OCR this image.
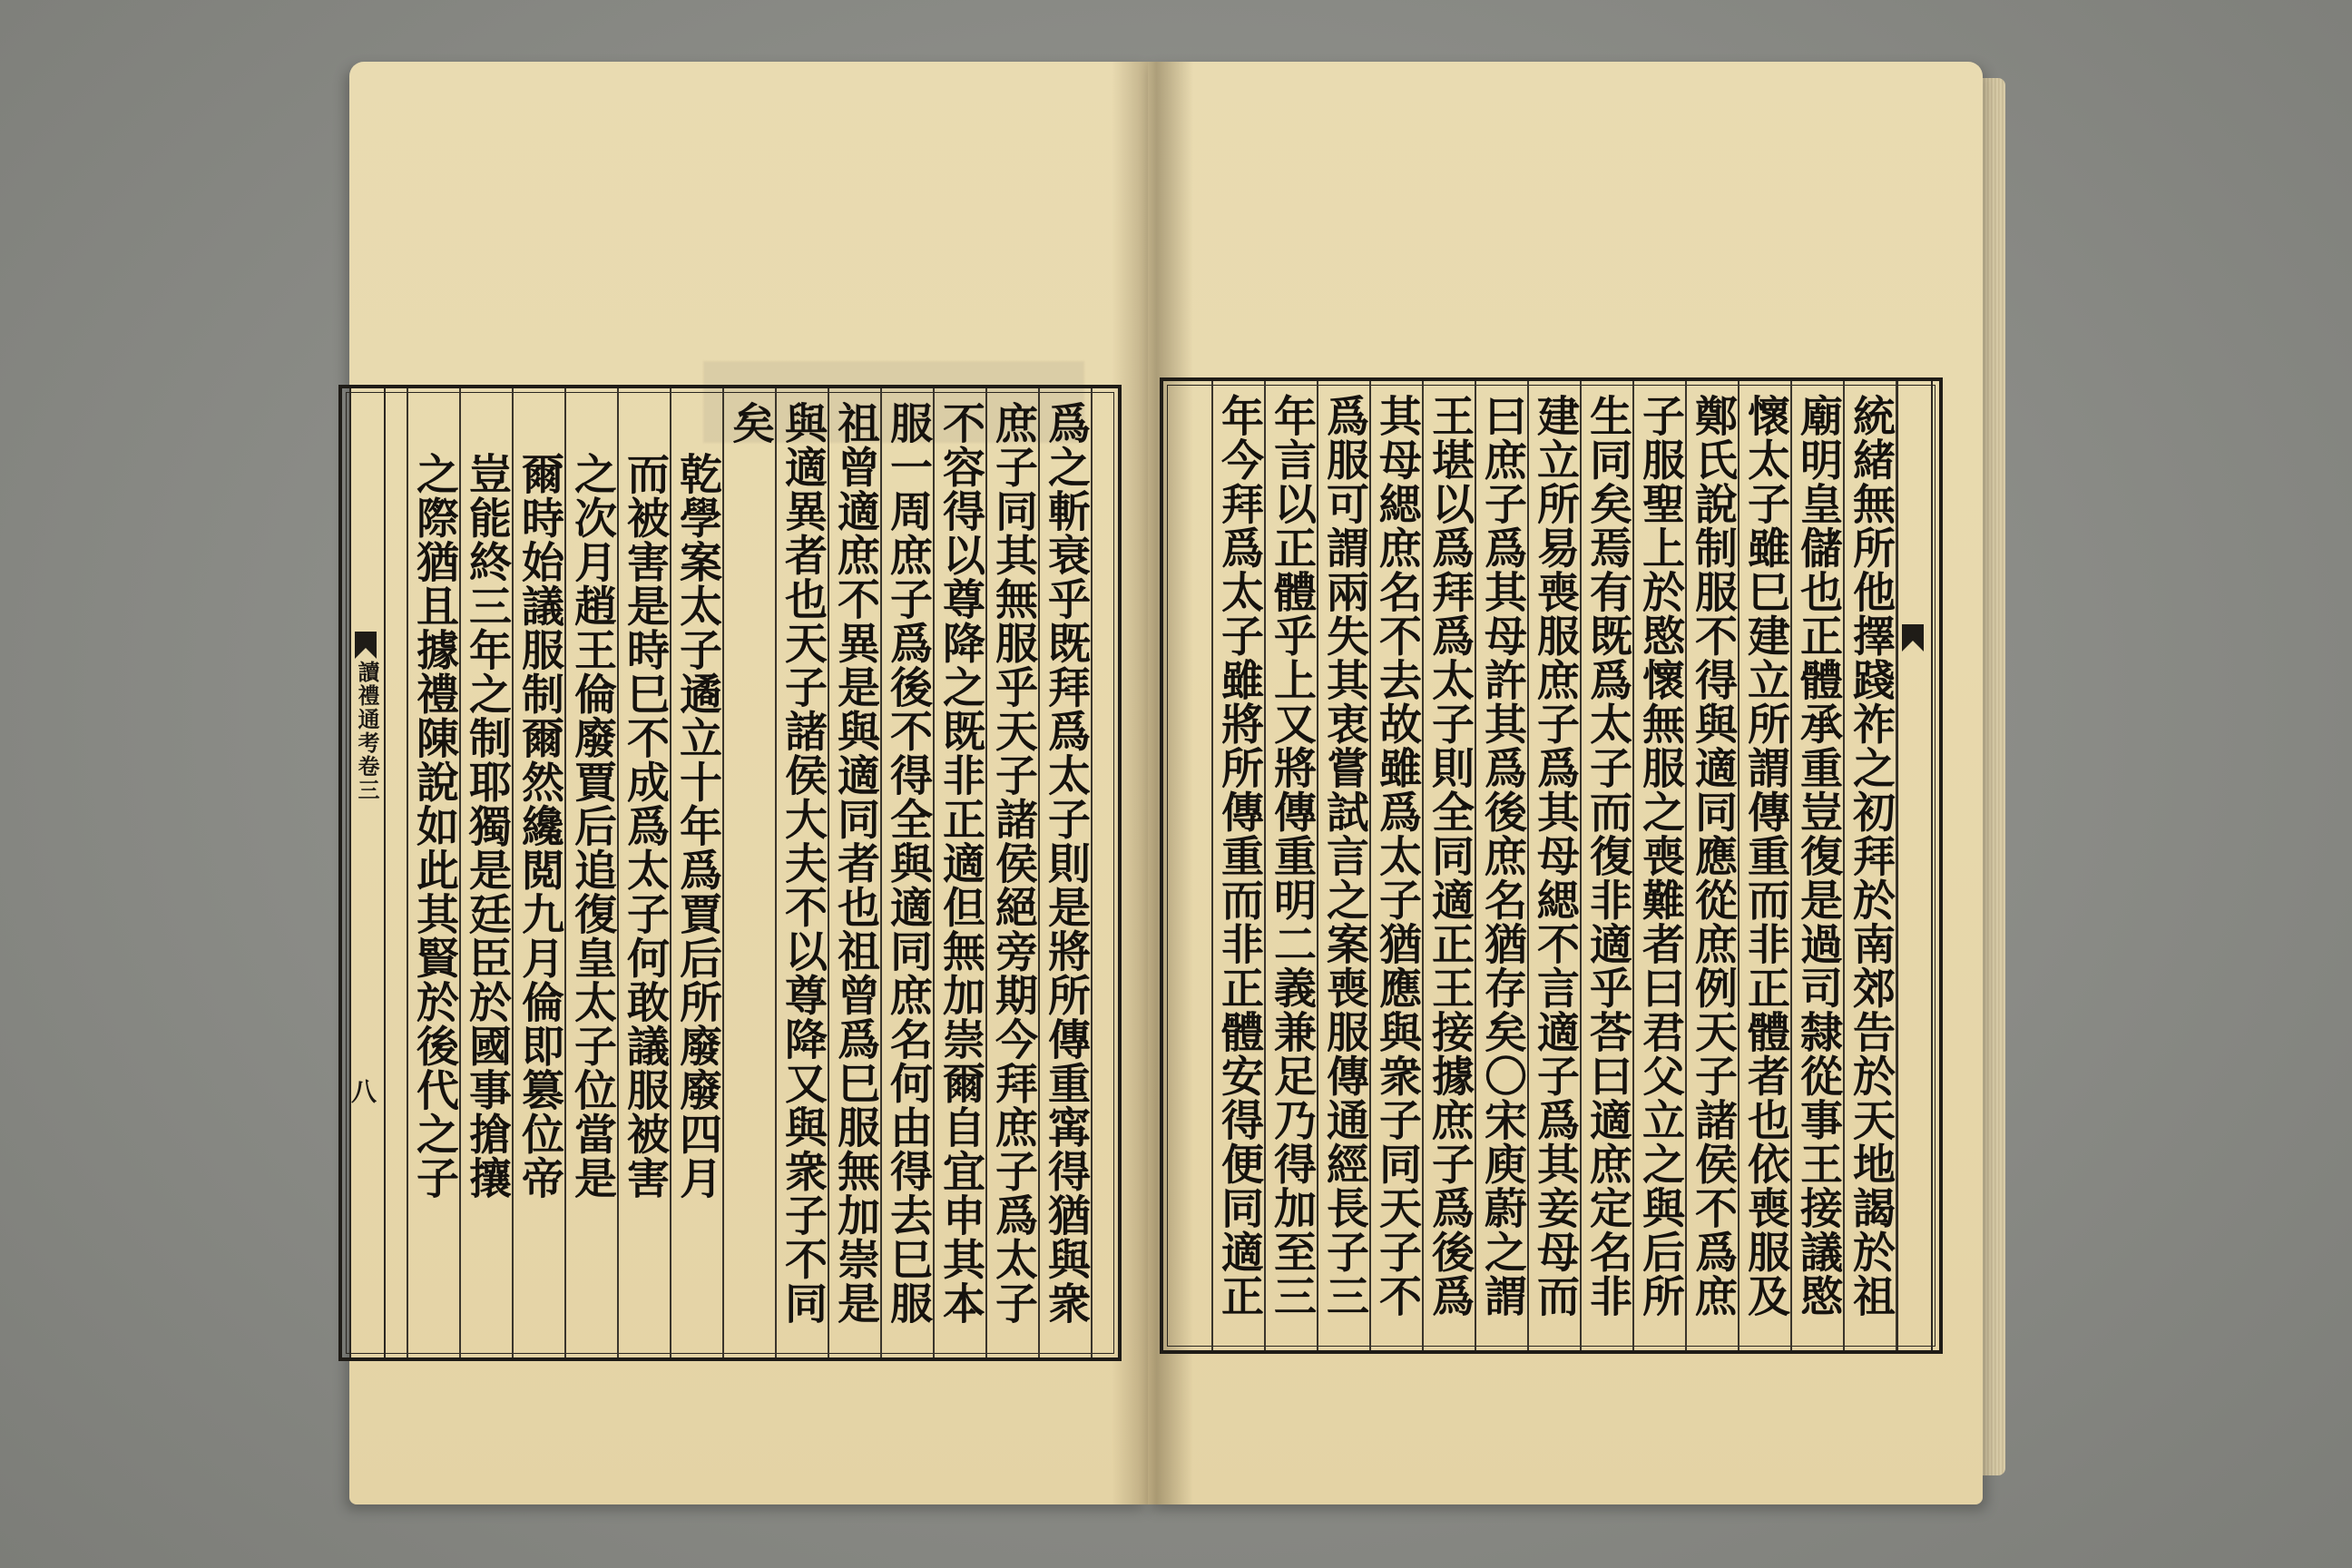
讀禮通考卷三
八	爲之斬衰乎既拜爲太子則是將所傳重𡩋得猶與衆
庶子同其無服乎天子諸侯絕旁期今拜庶子爲太子
不容得以尊降之既非正適但無加崇爾自宜申其本
服一周庶子爲後不得全與適同庶名何由得去巳服
祖曾適庶不異是與適同者也祖曾爲巳服無加崇是
與適異者也天子諸侯大夫不以尊降又與衆子不同
矣
乾學案太子遹立十年爲賈后所廢廢四月
而被害是時巳不成爲太子何敢議服被害
之次月趙王倫廢賈后追復皇太子位當是
爾時始議服制爾然纔閲九月倫即篡位帝
豈能終三年之制耶獨是廷臣於國事搶攘
之際猶且據禮陳說如此其賢於後代之子	統緒無所他擇踐祚之初拜於南郊告於天地謁於祖
廟明皇儲也正體承重豈復是過司隸從事王接議愍
懷太子雖巳建立所謂傳重而非正體者也依喪服及
鄭氏說制服不得與適同應從庶例天子諸侯不爲庶
子服聖上於愍懷無服之喪難者曰君父立之與后所
生同矣焉有既爲太子而復非適乎荅曰適庶定名非
建立所易喪服庶子爲其母緦不言適子爲其妾母而
曰庶子爲其母許其爲後庶名猶存矣〇宋庾蔚之謂
王堪以爲拜爲太子則全同適正王接據庶子爲後爲
其母緦庶名不去故雖爲太子猶應與衆子同天子不
爲服可謂兩失其衷嘗試言之案喪服傳通經長子三
年言以正體乎上又將傳重明二義兼足乃得加至三
年今拜爲太子雖將所傳重而非正體安得便同適正
